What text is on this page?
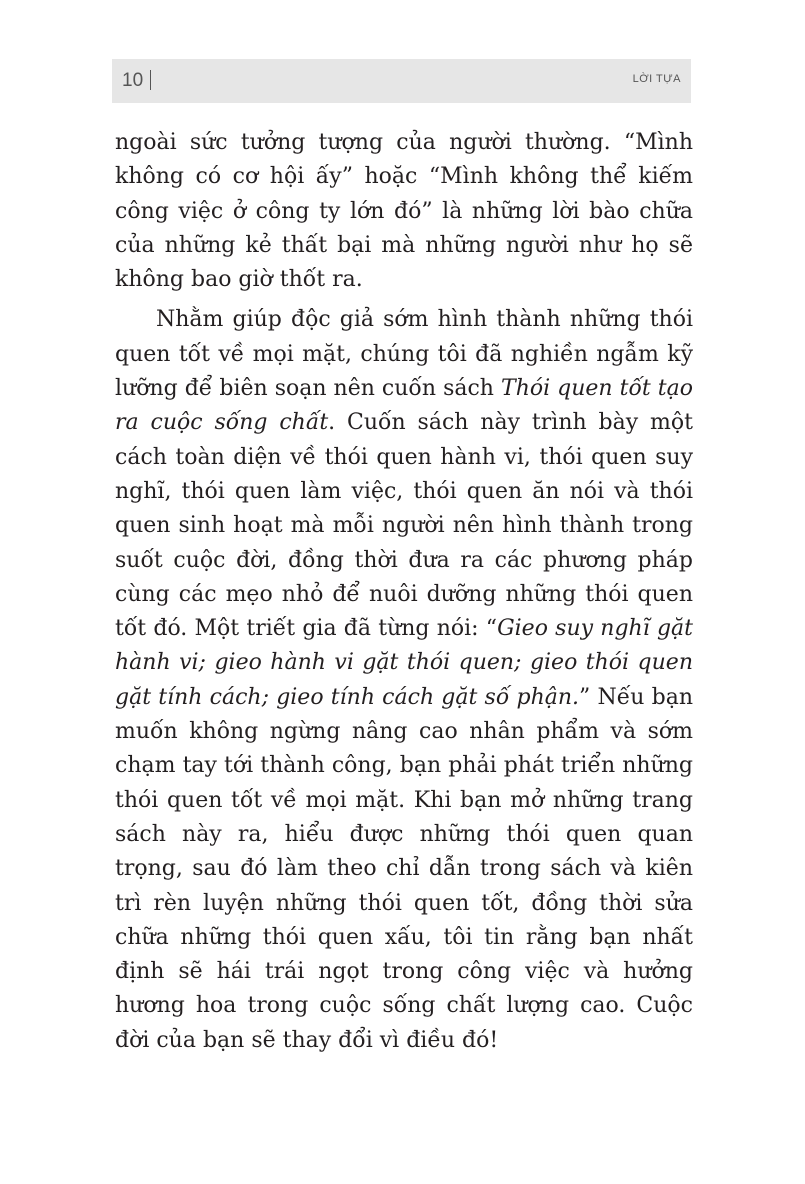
10	LỜI TỰA

ngoài sức tưởng tượng của người thường. “Mình không có cơ hội ấy” hoặc “Mình không thể kiếm công việc ở công ty lớn đó” là những lời bào chữa của những kẻ thất bại mà những người như họ sẽ không bao giờ thốt ra.

Nhằm giúp độc giả sớm hình thành những thói quen tốt về mọi mặt, chúng tôi đã nghiền ngẫm kỹ lưỡng để biên soạn nên cuốn sách Thói quen tốt tạo ra cuộc sống chất. Cuốn sách này trình bày một cách toàn diện về thói quen hành vi, thói quen suy nghĩ, thói quen làm việc, thói quen ăn nói và thói quen sinh hoạt mà mỗi người nên hình thành trong suốt cuộc đời, đồng thời đưa ra các phương pháp cùng các mẹo nhỏ để nuôi dưỡng những thói quen tốt đó. Một triết gia đã từng nói: “Gieo suy nghĩ gặt hành vi; gieo hành vi gặt thói quen; gieo thói quen gặt tính cách; gieo tính cách gặt số phận.” Nếu bạn muốn không ngừng nâng cao nhân phẩm và sớm chạm tay tới thành công, bạn phải phát triển những thói quen tốt về mọi mặt. Khi bạn mở những trang sách này ra, hiểu được những thói quen quan trọng, sau đó làm theo chỉ dẫn trong sách và kiên trì rèn luyện những thói quen tốt, đồng thời sửa chữa những thói quen xấu, tôi tin rằng bạn nhất định sẽ hái trái ngọt trong công việc và hưởng hương hoa trong cuộc sống chất lượng cao. Cuộc đời của bạn sẽ thay đổi vì điều đó!
